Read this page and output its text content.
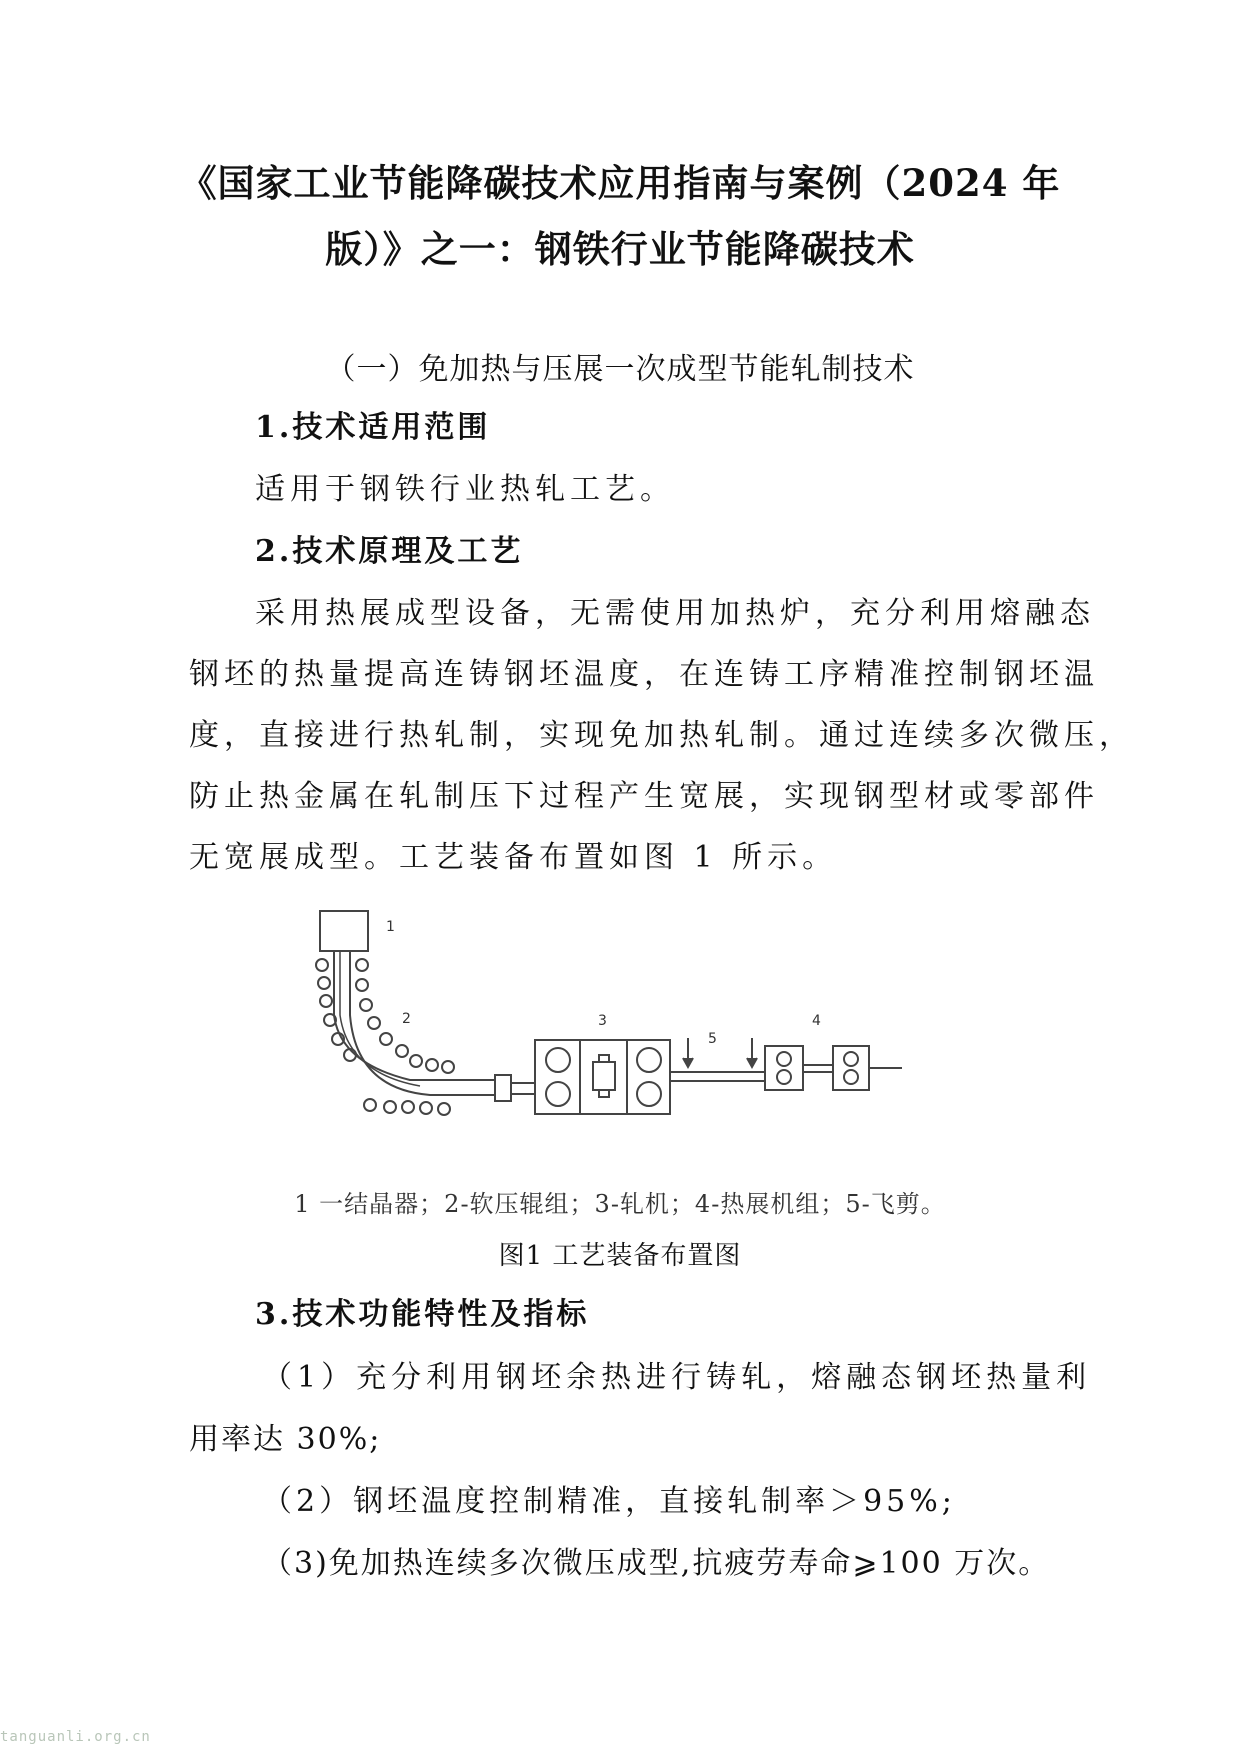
《国家工业节能降碳技术应用指南与案例（2024 年
版）》之一：钢铁行业节能降碳技术
（一）免加热与压展一次成型节能轧制技术
1.技术适用范围
适用于钢铁行业热轧工艺。
2.技术原理及工艺
采用热展成型设备，无需使用加热炉，充分利用熔融态
钢坯的热量提高连铸钢坯温度，在连铸工序精准控制钢坯温
度，直接进行热轧制，实现免加热轧制。通过连续多次微压，
防止热金属在轧制压下过程产生宽展，实现钢型材或零部件
无宽展成型。工艺装备布置如图 1 所示。
1
2	3
5
4
1 一结晶器；2-软压辊组；3-轧机；4-热展机组；5-飞剪。
图1 工艺装备布置图
3.技术功能特性及指标
（1）充分利用钢坯余热进行铸轧，熔融态钢坯热量利
用率达 30%;
（2）钢坯温度控制精准，直接轧制率＞95%;
（3)免加热连续多次微压成型,抗疲劳寿命⩾100 万次。
tanguanli.org.cn
